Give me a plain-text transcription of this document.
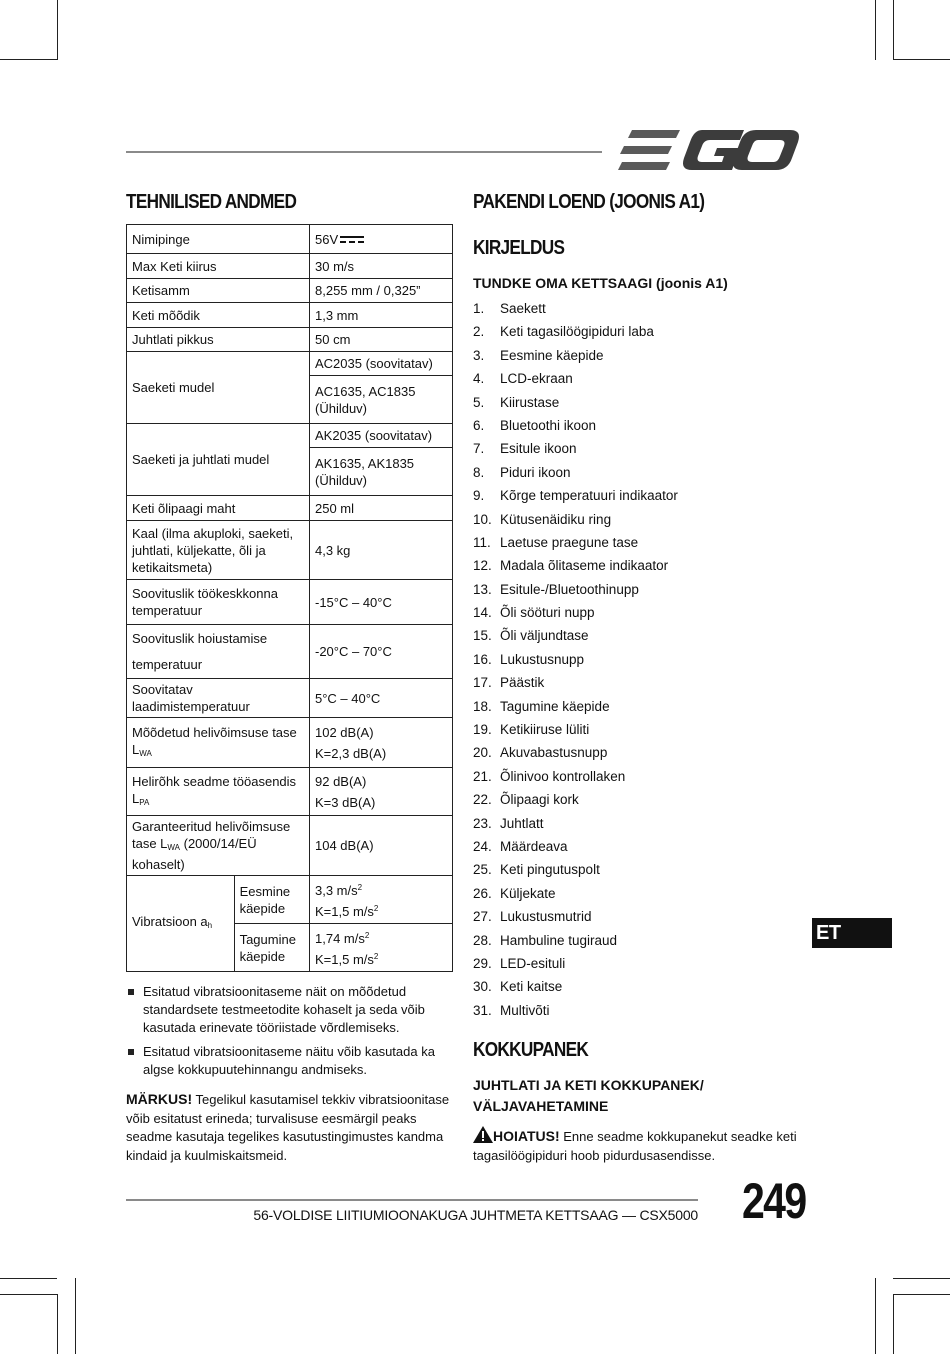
TEHNILISED ANDMED
Nimipinge		56V
Max Keti kiirus		30 m/s
Ketisamm		8,255 mm / 0,325”
Keti mõõdik		1,3 mm
Juhtlati pikkus		50 cm
Saeketi mudel		AC2035 (soovitatav)
		AC1635, AC1835
(Ühilduv)
Saeketi ja juhtlati mudel		AK2035 (soovitatav)
		AK1635, AK1835
(Ühilduv)
Keti õlipaagi maht		250 ml
Kaal (ilma akuploki, saeketi, juhtlati, küljekatte, õli ja ketikaitsmeta)		4,3 kg
Soovituslik töökeskkonna temperatuur		-15°C – 40°C
Soovituslik hoiustamise
temperatuur		-20°C – 70°C
Soovitatav laadimistemperatuur		5°C – 40°C
Mõõdetud helivõimsuse tase $L_{WA}$		102 dB(A)
K=2,3 dB(A)
Helirõhk seadme tööasendis $L_{PA}$		92 dB(A)
K=3 dB(A)
Garanteeritud helivõimsuse tase $L_{WA}$ (2000/14/EÜ kohaselt)		104 dB(A)
Vibratsioon $a_h$	Eesmine käepide	3,3 $m/s^2$
K=1,5 $m/s^2$
	Tagumine käepide	1,74 $m/s^2$
K=1,5 $m/s^2$
Esitatud vibratsioonitaseme näit on mõõdetud standardsete testmeetodite kohaselt ja seda võib kasutada erinevate tööriistade võrdlemiseks.
Esitatud vibratsioonitaseme näitu võib kasutada ka algse kokkupuutehinnangu andmiseks.
MÄRKUS! Tegelikul kasutamisel tekkiv vibratsioonitase võib esitatust erineda; turvalisuse eesmärgil peaks seadme kasutaja tegelikes kasutustingimustes kandma kindaid ja kuulmiskaitsmeid.
PAKENDI LOEND (JOONIS A1)
KIRJELDUS
TUNDKE OMA KETTSAAGI (joonis A1)
1. Saekett
2. Keti tagasilöögipiduri laba
3. Eesmine käepide
4. LCD-ekraan
5. Kiirustase
6. Bluetoothi ikoon
7. Esitule ikoon
8. Piduri ikoon
9. Kõrge temperatuuri indikaator
10. Kütusenäidiku ring
11. Laetuse praegune tase
12. Madala õlitaseme indikaator
13. Esitule-/Bluetoothinupp
14. Õli sööturi nupp
15. Õli väljundtase
16. Lukustusnupp
17. Päästik
18. Tagumine käepide
19. Ketikiiruse lüliti
20. Akuvabastusnupp
21. Õlinivoo kontrollaken
22. Õlipaagi kork
23. Juhtlatt
24. Määrdeava
25. Keti pingutuspolt
26. Küljekate
27. Lukustusmutrid
28. Hambuline tugiraud
29. LED-esituli
30. Keti kaitse
31. Multivõti
KOKKUPANEK
JUHTLATI JA KETI KOKKUPANEK/ VÄLJAVAHETAMINE
HOIATUS! Enne seadme kokkupanekut seadke keti tagasilöögipiduri hoob pidurdusasendisse.
ET
56-VOLDISE LIITIUMIOONAKUGA JUHTMETA KETTSAAG — CSX5000 249
